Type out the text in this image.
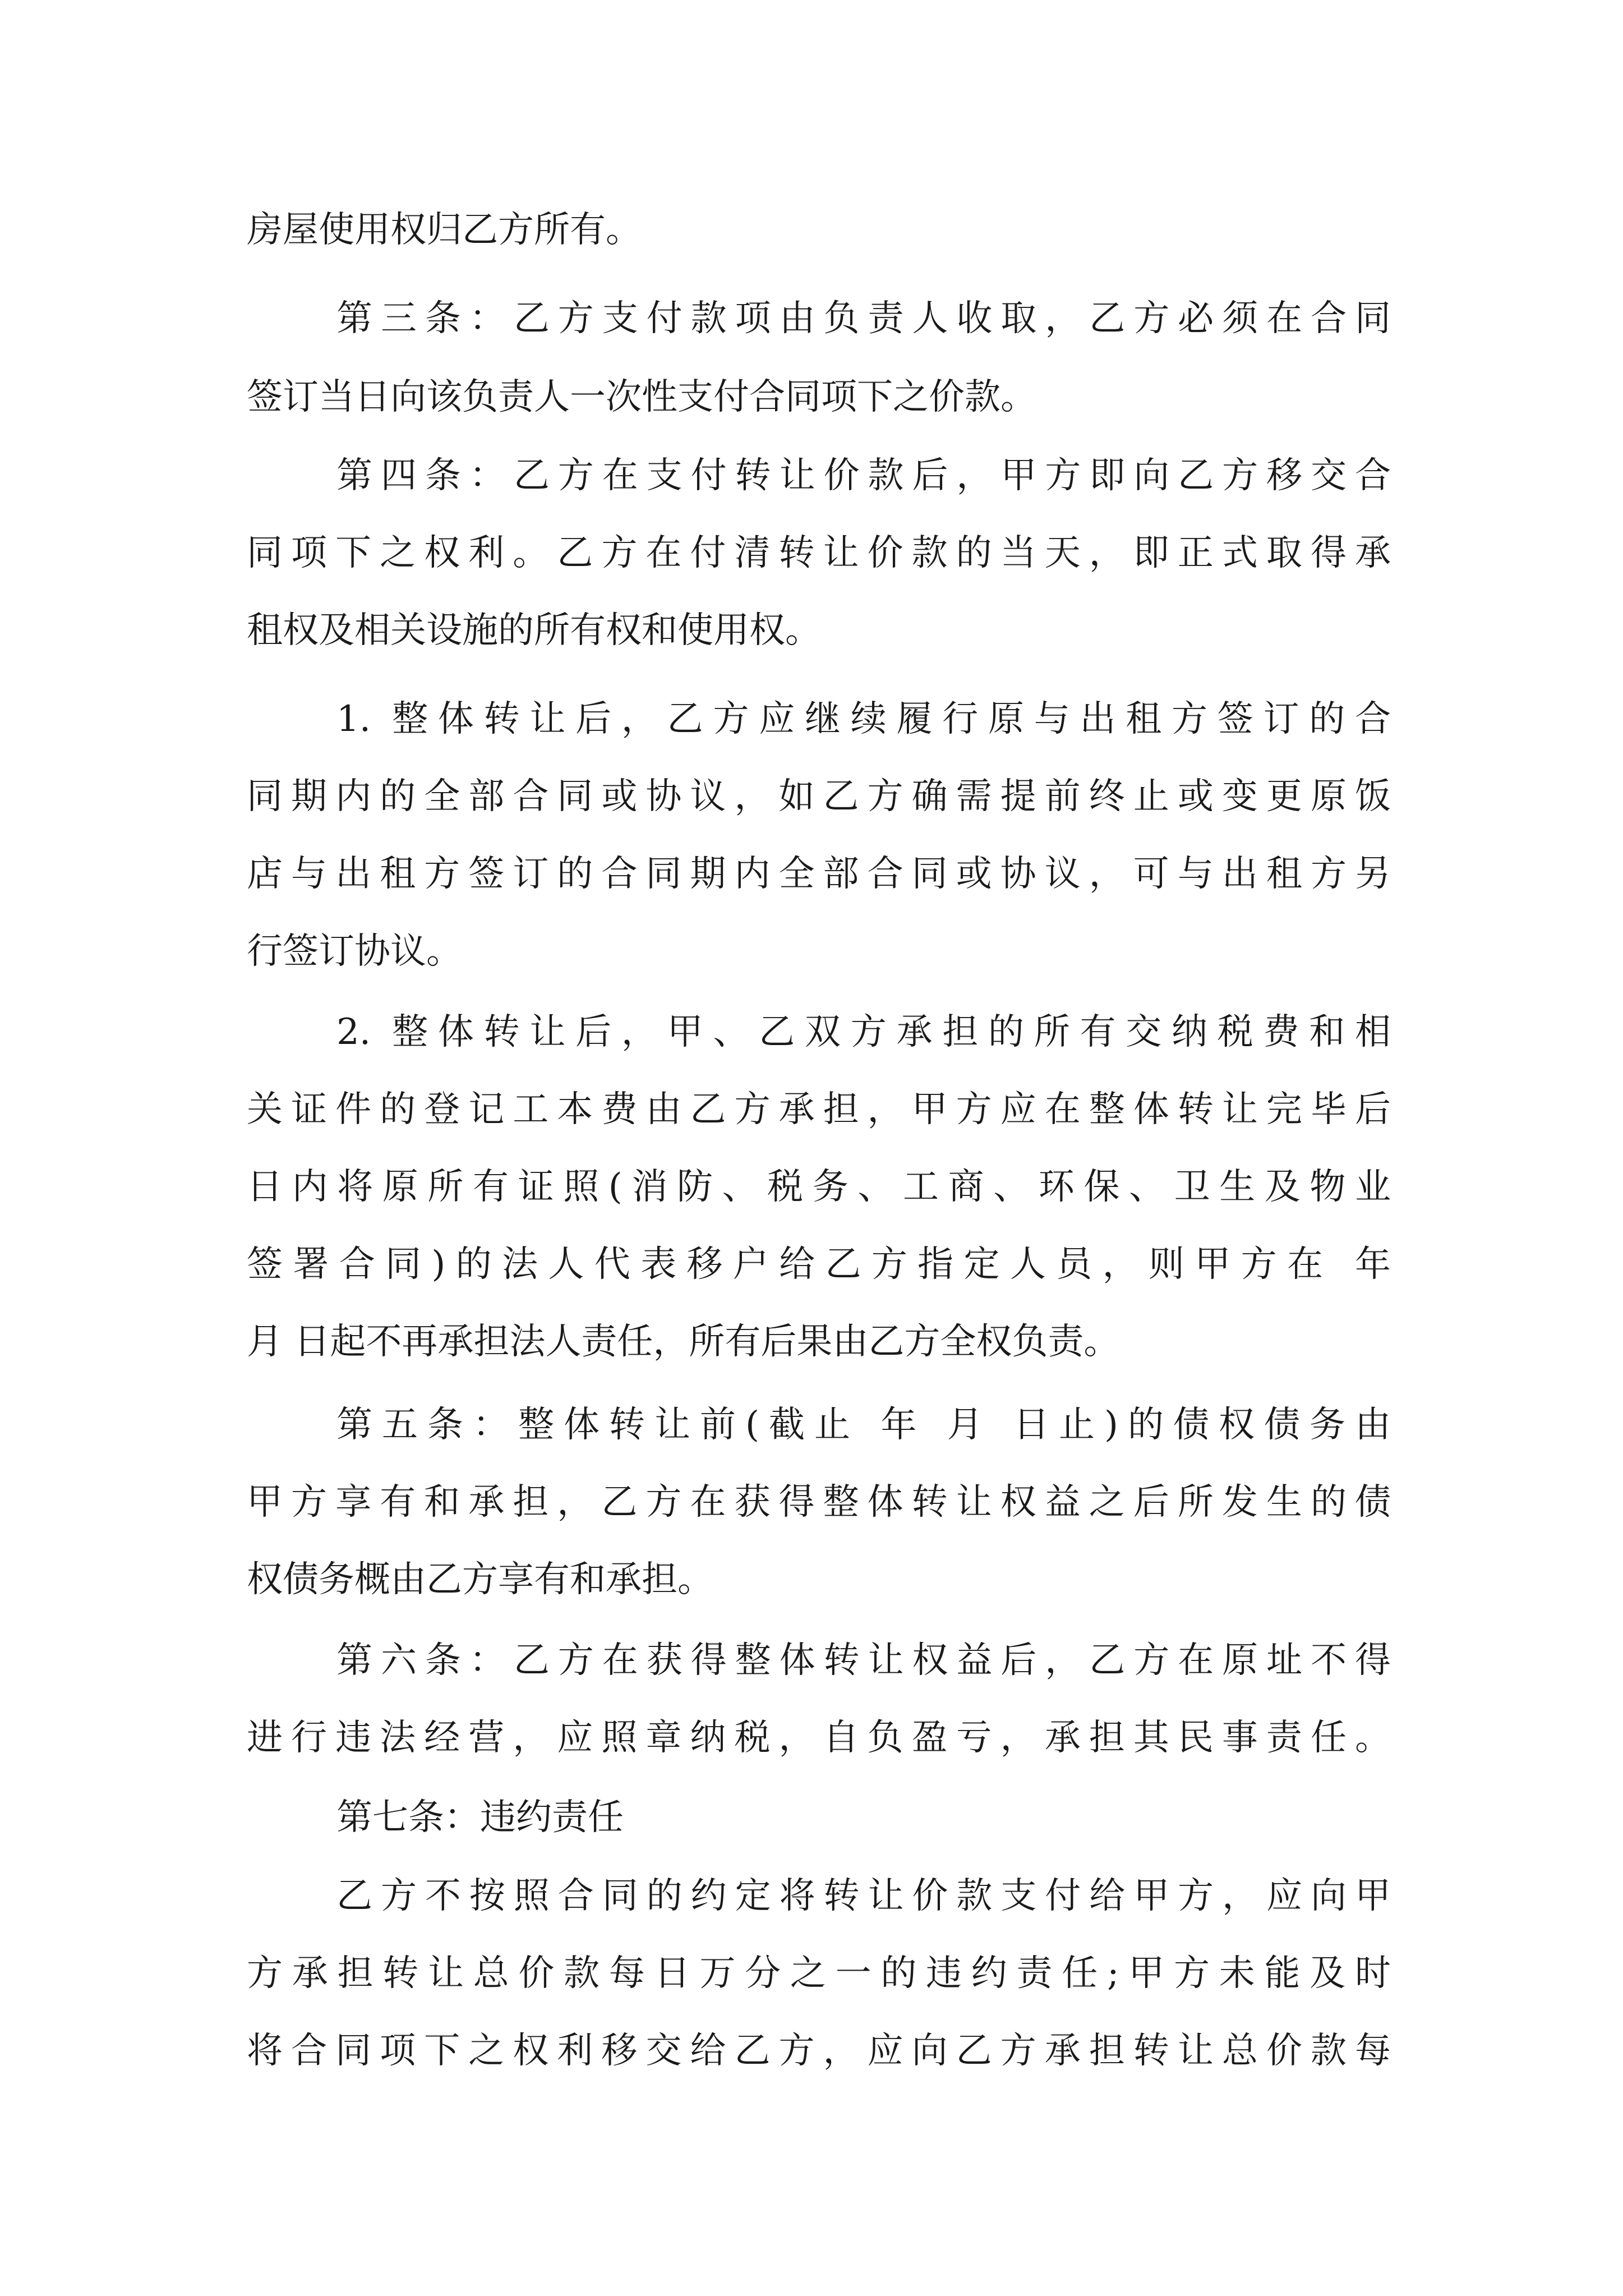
房屋使用权归乙方所有。

第三条：乙方支付款项由负责人收取，乙方必须在合同

签订当日向该负责人一次性支付合同项下之价款。

第四条：乙方在支付转让价款后，甲方即向乙方移交合

同项下之权利。乙方在付清转让价款的当天，即正式取得承

租权及相关设施的所有权和使用权。

1. 整体转让后，乙方应继续履行原与出租方签订的合

同期内的全部合同或协议，如乙方确需提前终止或变更原饭

店与出租方签订的合同期内全部合同或协议，可与出租方另

行签订协议。

2. 整体转让后，甲、乙双方承担的所有交纳税费和相

关证件的登记工本费由乙方承担，甲方应在整体转让完毕后

日内将原所有证照(消防、税务、工商、环保、卫生及物业

签署合同)的法人代表移户给乙方指定人员，则甲方在 年

月 日起不再承担法人责任，所有后果由乙方全权负责。

第五条：整体转让前(截止 年 月 日止)的债权债务由

甲方享有和承担，乙方在获得整体转让权益之后所发生的债

权债务概由乙方享有和承担。

第六条：乙方在获得整体转让权益后，乙方在原址不得

进行违法经营，应照章纳税，自负盈亏，承担其民事责任。

第七条：违约责任

乙方不按照合同的约定将转让价款支付给甲方，应向甲

方承担转让总价款每日万分之一的违约责任;甲方未能及时

将合同项下之权利移交给乙方，应向乙方承担转让总价款每
